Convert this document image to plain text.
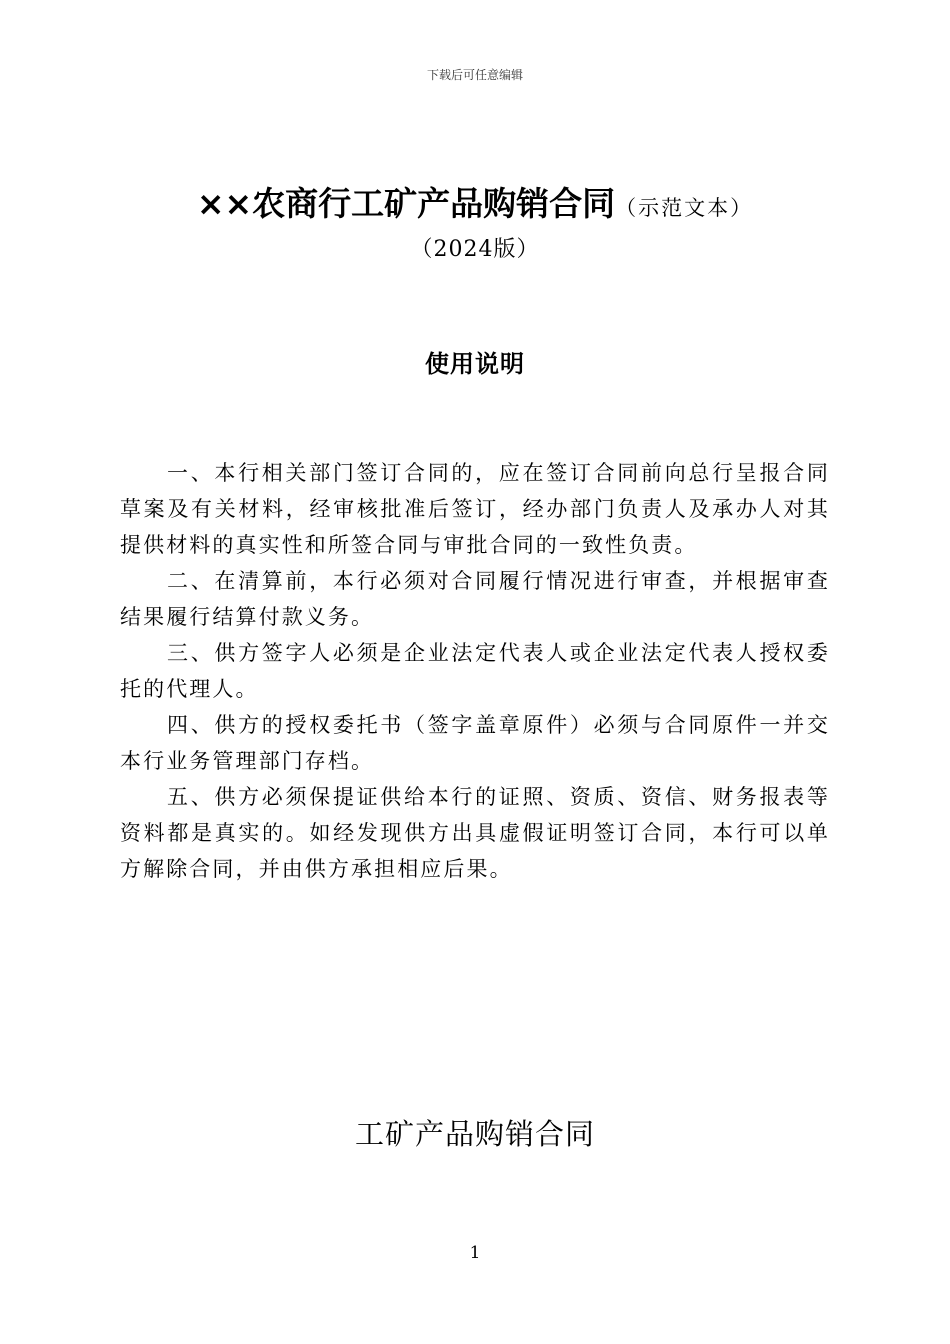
下载后可任意编辑
××农商行工矿产品购销合同（示范文本）
（2024版）
使用说明

一、本行相关部门签订合同的，应在签订合同前向总行呈报合同草案及有关材料，经审核批准后签订，经办部门负责人及承办人对其提供材料的真实性和所签合同与审批合同的一致性负责。

二、在清算前，本行必须对合同履行情况进行审查，并根据审查结果履行结算付款义务。

三、供方签字人必须是企业法定代表人或企业法定代表人授权委托的代理人。

四、供方的授权委托书（签字盖章原件）必须与合同原件一并交本行业务管理部门存档。

五、供方必须保提证供给本行的证照、资质、资信、财务报表等资料都是真实的。如经发现供方出具虚假证明签订合同，本行可以单方解除合同，并由供方承担相应后果。

工矿产品购销合同
1
